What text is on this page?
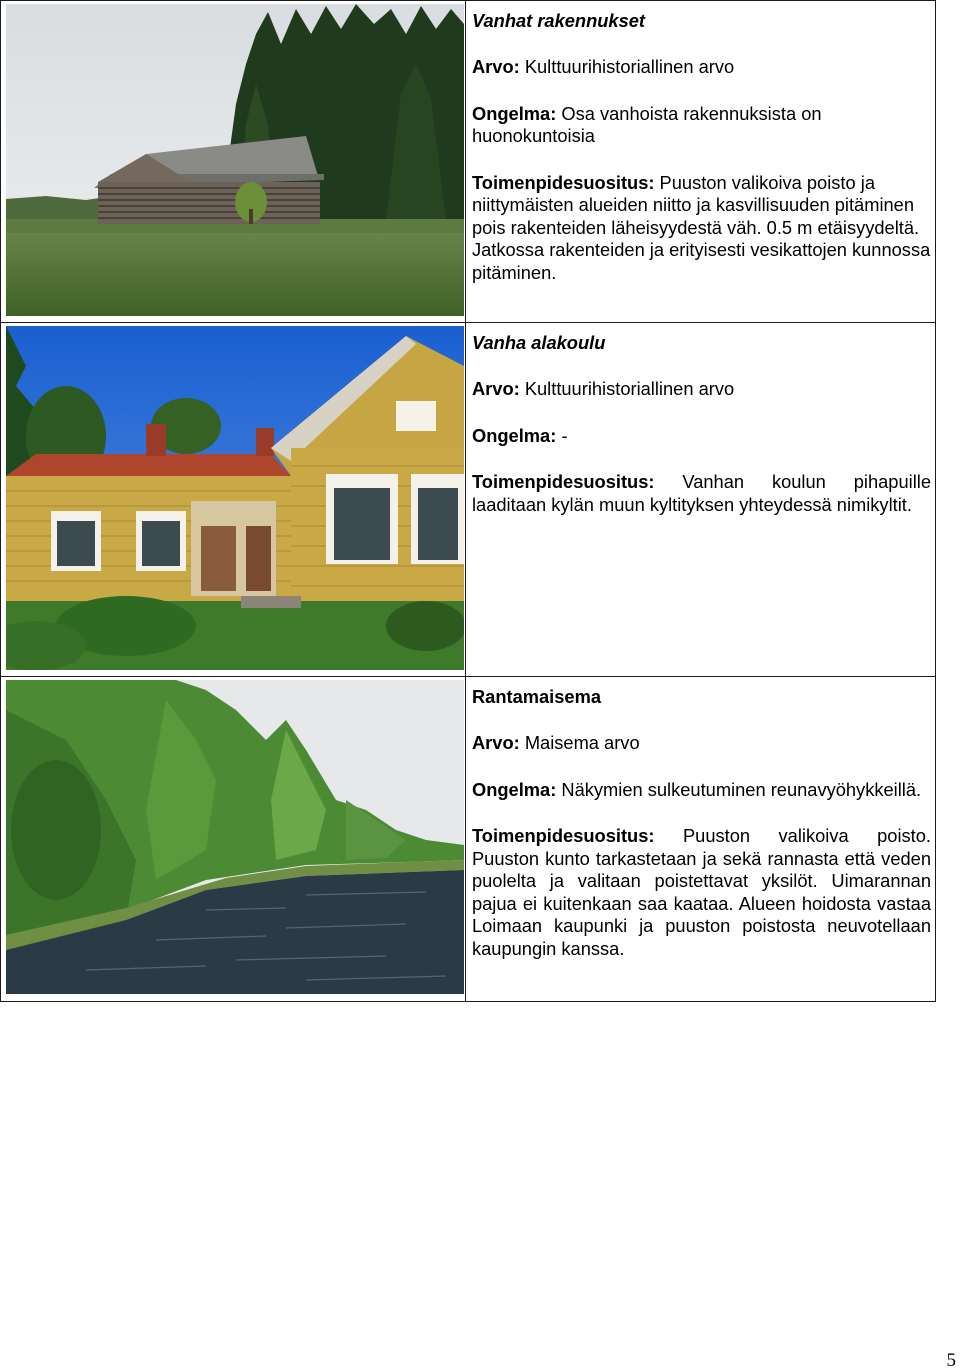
Vanhat rakennukset
Arvo: Kulttuurihistoriallinen arvo
Ongelma: Osa vanhoista rakennuksista on huonokuntoisia
Toimenpidesuositus: Puuston valikoiva poisto ja niittymäisten alueiden niitto ja kasvillisuuden pitäminen pois rakenteiden läheisyydestä väh. 0.5 m etäisyydeltä.
Jatkossa rakenteiden ja erityisesti vesikattojen kunnossa pitäminen.

Vanha alakoulu
Arvo: Kulttuurihistoriallinen arvo
Ongelma: -
Toimenpidesuositus: Vanhan koulun pihapuille laaditaan kylän muun kyltityksen yhteydessä nimikyltit.

Rantamaisema
Arvo: Maisema arvo
Ongelma: Näkymien sulkeutuminen reunavyöhykkeillä.
Toimenpidesuositus: Puuston valikoiva poisto. Puuston kunto tarkastetaan ja sekä rannasta että veden puolelta ja valitaan poistettavat yksilöt. Uimarannan pajua ei kuitenkaan saa kaataa. Alueen hoidosta vastaa Loimaan kaupunki ja puuston poistosta neuvotellaan kaupungin kanssa.
5
